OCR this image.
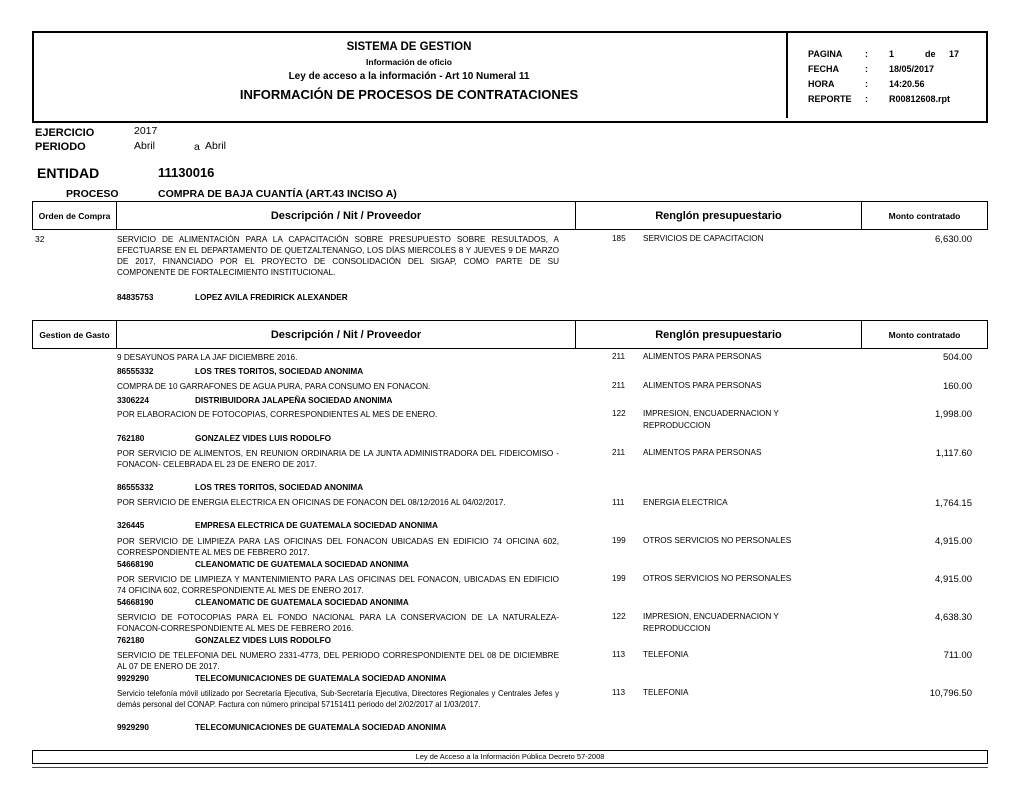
SISTEMA DE GESTION
Información de oficio
Ley de acceso a la información - Art 10 Numeral 11
INFORMACIÓN DE PROCESOS DE CONTRATACIONES
PAGINA	: 1	de 17
FECHA	: 18/05/2017
HORA	: 14:20.56
REPORTE : R00812608.rpt
EJERCICIO	2017
PERIODO	Abril	a Abril
ENTIDAD	11130016
PROCESO	COMPRA DE BAJA CUANTÍA (ART.43 INCISO A)
Orden de Compra	Descripción / Nit / Proveedor	Renglón presupuestario	Monto contratado
32	SERVICIO DE ALIMENTACIÓN PARA LA CAPACITACIÓN SOBRE PRESUPUESTO SOBRE RESULTADOS, A EFECTUARSE EN EL DEPARTAMENTO DE QUETZALTENANGO, LOS DÍAS MIERCOLES 8 Y JUEVES 9 DE MARZO DE 2017, FINANCIADO POR EL PROYECTO DE CONSOLIDACIÓN DEL SIGAP, COMO PARTE DE SU COMPONENTE DE FORTALECIMIENTO INSTITUCIONAL.
84835753	LOPEZ AVILA FREDIRICK ALEXANDER
185 SERVICIOS DE CAPACITACION	6,630.00
Gestion de Gasto	Descripción / Nit / Proveedor	Renglón presupuestario	Monto contratado
9 DESAYUNOS PARA LA JAF DICIEMBRE 2016.
86555332	LOS TRES TORITOS, SOCIEDAD ANONIMA
211 ALIMENTOS PARA PERSONAS	504.00
COMPRA DE 10 GARRAFONES DE AGUA PURA, PARA CONSUMO EN FONACON.
3306224	DISTRIBUIDORA JALAPEÑA SOCIEDAD ANONIMA
211 ALIMENTOS PARA PERSONAS	160.00
POR ELABORACION DE FOTOCOPIAS, CORRESPONDIENTES AL MES DE ENERO.
762180	GONZALEZ VIDES LUIS RODOLFO
122 IMPRESION, ENCUADERNACION Y REPRODUCCION
1,998.00
POR SERVICIO DE ALIMENTOS, EN REUNION ORDINARIA DE LA JUNTA ADMINISTRADORA DEL FIDEICOMISO -FONACON- CELEBRADA EL 23 DE ENERO DE 2017.
86555332	LOS TRES TORITOS, SOCIEDAD ANONIMA
211 ALIMENTOS PARA PERSONAS	1,117.60
POR SERVICIO DE ENERGIA ELECTRICA EN OFICINAS DE FONACON DEL 08/12/2016 AL 04/02/2017.
326445	EMPRESA ELECTRICA DE GUATEMALA SOCIEDAD ANONIMA
111 ENERGIA ELECTRICA	1,764.15
POR SERVICIO DE LIMPIEZA PARA LAS OFICINAS DEL FONACON UBICADAS EN EDIFICIO 74 OFICINA 602, CORRESPONDIENTE AL MES DE FEBRERO 2017.
54668190	CLEANOMATIC DE GUATEMALA SOCIEDAD ANONIMA
199 OTROS SERVICIOS NO PERSONALES	4,915.00
POR SERVICIO DE LIMPIEZA Y MANTENIMIENTO PARA LAS OFICINAS DEL FONACON, UBICADAS EN EDIFICIO 74 OFICINA 602, CORRESPONDIENTE AL MES DE ENERO 2017.
54668190	CLEANOMATIC DE GUATEMALA SOCIEDAD ANONIMA
199 OTROS SERVICIOS NO PERSONALES	4,915.00
SERVICIO DE FOTOCOPIAS PARA EL FONDO NACIONAL PARA LA CONSERVACION DE LA NATURALEZA-FONACON-CORRESPONDIENTE AL MES DE FEBRERO 2016.
762180	GONZALEZ VIDES LUIS RODOLFO
122 IMPRESION, ENCUADERNACION Y REPRODUCCION
4,638.30
SERVICIO DE TELEFONIA DEL NUMERO 2331-4773, DEL PERIODO CORRESPONDIENTE DEL 08 DE DICIEMBRE AL 07 DE ENERO DE 2017.
9929290	TELECOMUNICACIONES DE GUATEMALA SOCIEDAD ANONIMA
113 TELEFONIA	711.00
Servicio telefonía móvil utilizado por Secretaría Ejecutiva, Sub-Secretaría Ejecutiva, Directores Regionales y Centrales Jefes y demás personal del CONAP. Factura con número principal 57151411 periodo del 2/02/2017 al 1/03/2017.
9929290	TELECOMUNICACIONES DE GUATEMALA SOCIEDAD ANONIMA
113 TELEFONIA	10,796.50
Ley de Acceso a la Información Pública Decreto 57-2008
